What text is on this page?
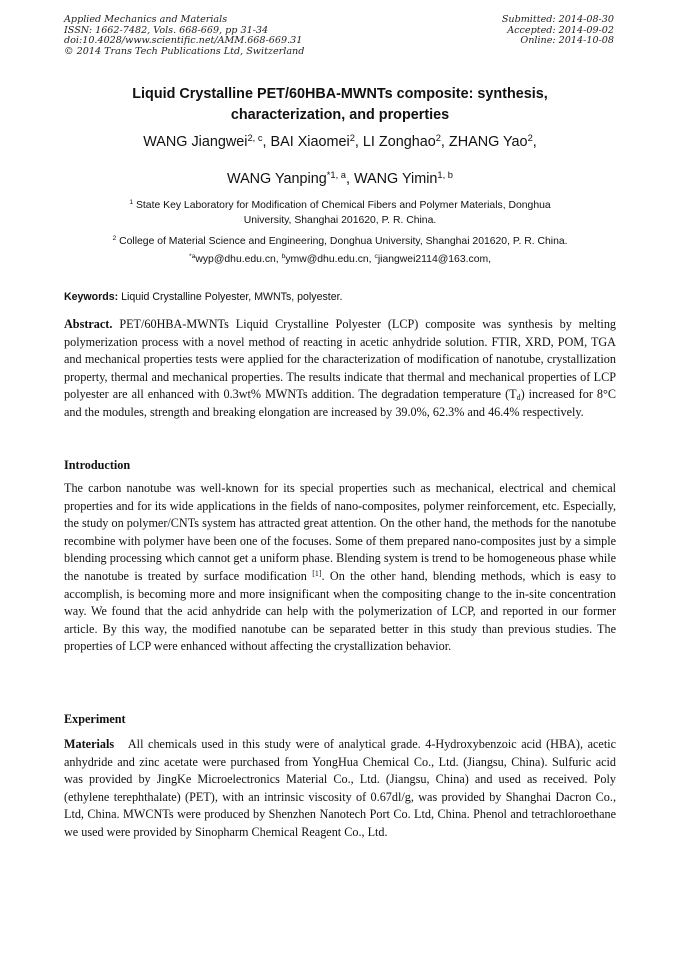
Applied Mechanics and Materials
ISSN: 1662-7482, Vols. 668-669, pp 31-34
doi:10.4028/www.scientific.net/AMM.668-669.31
© 2014 Trans Tech Publications Ltd, Switzerland
Submitted: 2014-08-30
Accepted: 2014-09-02
Online: 2014-10-08
Liquid Crystalline PET/60HBA-MWNTs composite: synthesis,
characterization, and properties
WANG Jiangwei$^{2, c}$, BAI Xiaomei$^2$, LI Zonghao$^2$, ZHANG Yao$^2$,
WANG Yanping$^{*1, a}$, WANG Yimin$^{1, b}$
$^1$ State Key Laboratory for Modification of Chemical Fibers and Polymer Materials, Donghua
University, Shanghai 201620, P. R. China.
$^2$ College of Material Science and Engineering, Donghua University, Shanghai 201620, P. R. China.
$^{*a}$wyp@dhu.edu.cn, $^b$ymw@dhu.edu.cn, $^c$jiangwei2114@163.com,
Keywords: Liquid Crystalline Polyester, MWNTs, polyester.
Abstract. PET/60HBA-MWNTs Liquid Crystalline Polyester (LCP) composite was synthesis by melting polymerization process with a novel method of reacting in acetic anhydride solution. FTIR, XRD, POM, TGA and mechanical properties tests were applied for the characterization of modification of nanotube, crystallization property, thermal and mechanical properties. The results indicate that thermal and mechanical properties of LCP polyester are all enhanced with 0.3wt% MWNTs addition. The degradation temperature $(T_d)$ increased for 8°C and the modules, strength and breaking elongation are increased by 39.0%, 62.3% and 46.4% respectively.
Introduction
The carbon nanotube was well-known for its special properties such as mechanical, electrical and chemical properties and for its wide applications in the fields of nano-composites, polymer reinforcement, etc. Especially, the study on polymer/CNTs system has attracted great attention. On the other hand, the methods for the nanotube recombine with polymer have been one of the focuses. Some of them prepared nano-composites just by a simple blending processing which cannot get a uniform phase. Blending system is trend to be homogeneous phase while the nanotube is treated by surface modification [1]. On the other hand, blending methods, which is easy to accomplish, is becoming more and more insignificant when the compositing change to the in-site concentration way. We found that the acid anhydride can help with the polymerization of LCP, and reported in our former article. By this way, the modified nanotube can be separated better in this study than previous studies. The properties of LCP were enhanced without affecting the crystallization behavior.
Experiment
Materials All chemicals used in this study were of analytical grade. 4-Hydroxybenzoic acid (HBA), acetic anhydride and zinc acetate were purchased from YongHua Chemical Co., Ltd. (Jiangsu, China). Sulfuric acid was provided by JingKe Microelectronics Material Co., Ltd. (Jiangsu, China) and used as received. Poly (ethylene terephthalate) (PET), with an intrinsic viscosity of 0.67dl/g, was provided by Shanghai Dacron Co., Ltd, China. MWCNTs were produced by Shenzhen Nanotech Port Co. Ltd, China. Phenol and tetrachloroethane we used were provided by Sinopharm Chemical Reagent Co., Ltd.
